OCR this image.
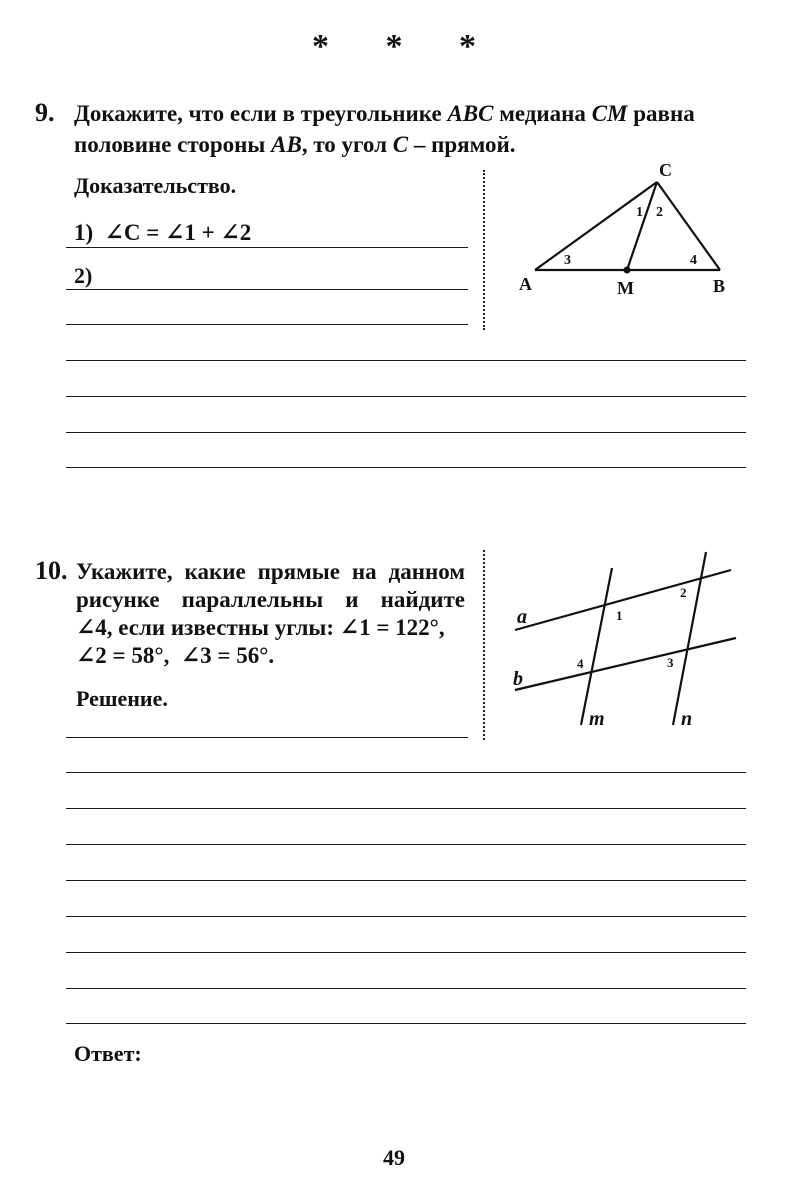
* * *
9. Докажите, что если в треугольнике ABC медиана CM равна
половине стороны AB, то угол C – прямой.
Доказательство.
1)  ∠C = ∠1 + ∠2
2)
C
A	M	B
1 2
3	4
10. Укажите, какие прямые на данном
рисунке параллельны и найдите
∠4, если известны углы: ∠1 = 122°,
∠2 = 58°,  ∠3 = 56°.
Решение.
a
b
m	n
1
2
3
4
Ответ:
49
